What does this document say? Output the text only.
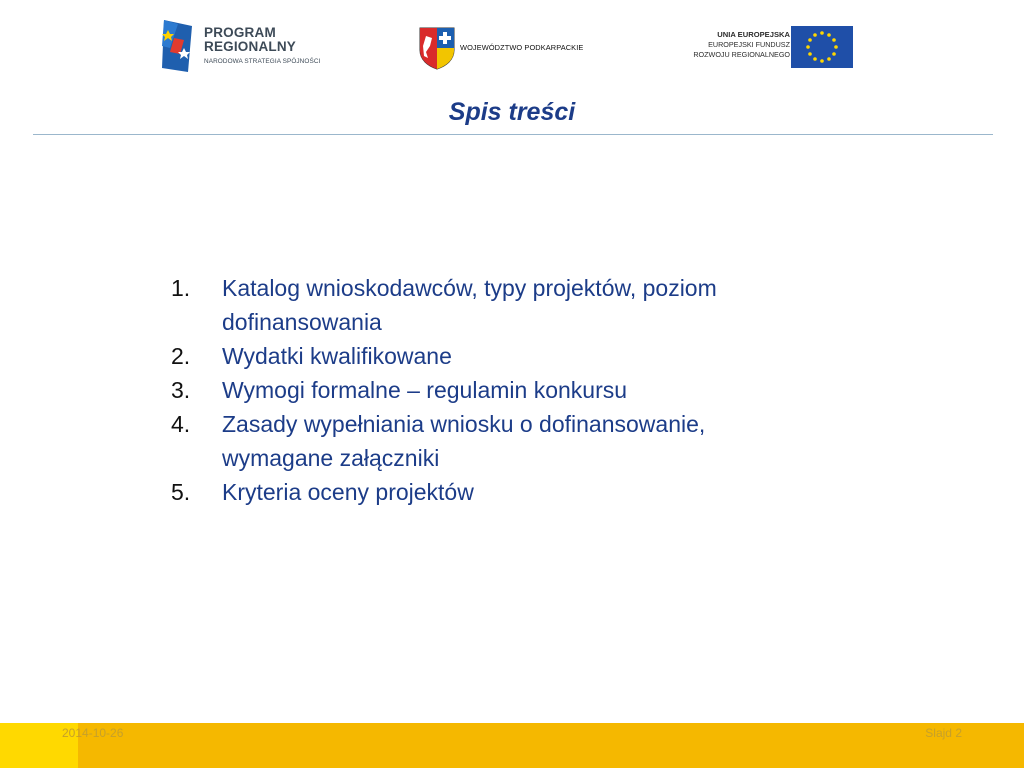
PROGRAM
REGIONALNY
NARODOWA STRATEGIA SPÓJNOŚCI
WOJEWÓDZTWO PODKARPACKIE
UNIA EUROPEJSKA
EUROPEJSKI FUNDUSZ
ROZWOJU REGIONALNEGO
Spis treści
1. Katalog wnioskodawców, typy projektów, poziom
dofinansowania
2. Wydatki kwalifikowane
3. Wymogi formalne – regulamin konkursu
4. Zasady wypełniania wniosku o dofinansowanie,
wymagane załączniki
5. Kryteria oceny projektów
2014-10-26	Slajd 2
